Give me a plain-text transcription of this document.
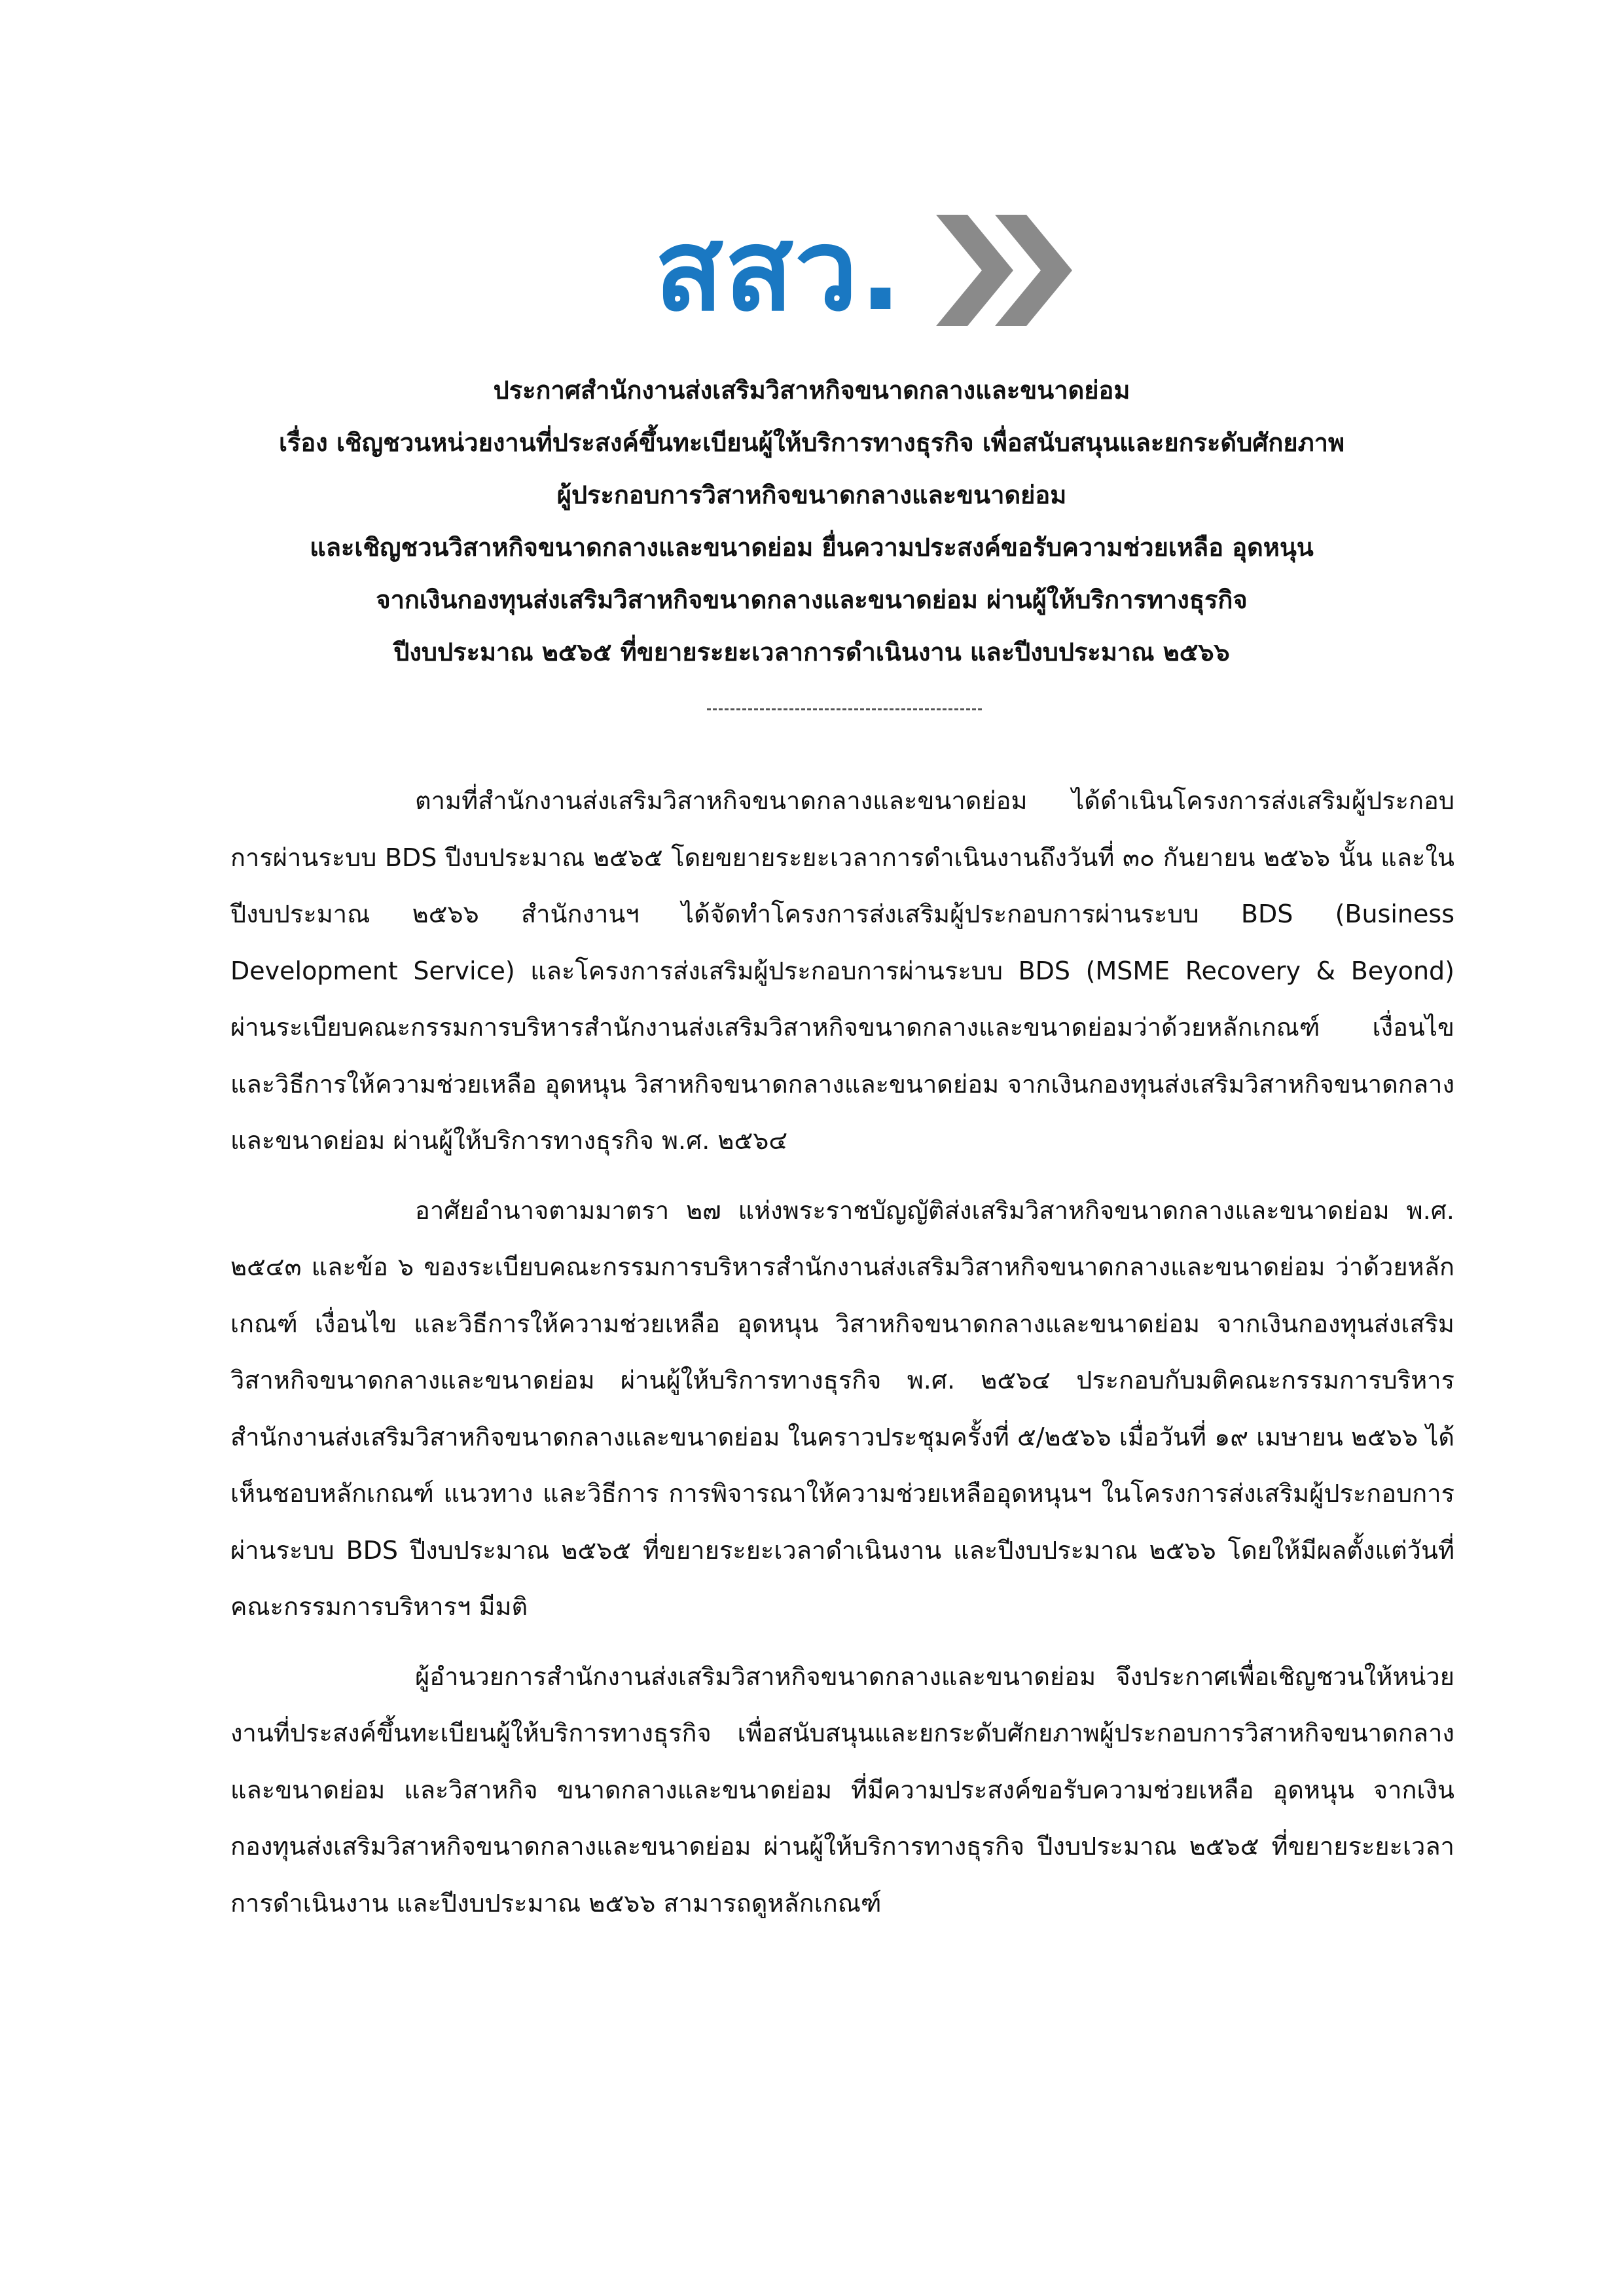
สสว.
ประกาศสำนักงานส่งเสริมวิสาหกิจขนาดกลางและขนาดย่อม
เรื่อง เชิญชวนหน่วยงานที่ประสงค์ขึ้นทะเบียนผู้ให้บริการทางธุรกิจ เพื่อสนับสนุนและยกระดับศักยภาพ
ผู้ประกอบการวิสาหกิจขนาดกลางและขนาดย่อม
และเชิญชวนวิสาหกิจขนาดกลางและขนาดย่อม ยื่นความประสงค์ขอรับความช่วยเหลือ อุดหนุน
จากเงินกองทุนส่งเสริมวิสาหกิจขนาดกลางและขนาดย่อม ผ่านผู้ให้บริการทางธุรกิจ
ปีงบประมาณ ๒๕๖๕ ที่ขยายระยะเวลาการดำเนินงาน และปีงบประมาณ ๒๕๖๖

ตามที่สำนักงานส่งเสริมวิสาหกิจขนาดกลางและขนาดย่อม ได้ดำเนินโครงการส่งเสริมผู้ประกอบการผ่านระบบ BDS ปีงบประมาณ ๒๕๖๕ โดยขยายระยะเวลาการดำเนินงานถึงวันที่ ๓๐ กันยายน ๒๕๖๖ นั้น และในปีงบประมาณ ๒๕๖๖ สำนักงานฯ ได้จัดทำโครงการส่งเสริมผู้ประกอบการผ่านระบบ BDS (Business Development Service) และโครงการส่งเสริมผู้ประกอบการผ่านระบบ BDS (MSME Recovery & Beyond) ผ่านระเบียบคณะกรรมการบริหารสำนักงานส่งเสริมวิสาหกิจขนาดกลางและขนาดย่อมว่าด้วยหลักเกณฑ์ เงื่อนไข และวิธีการให้ความช่วยเหลือ อุดหนุน วิสาหกิจขนาดกลางและขนาดย่อม จากเงินกองทุนส่งเสริมวิสาหกิจขนาดกลางและขนาดย่อม ผ่านผู้ให้บริการทางธุรกิจ พ.ศ. ๒๕๖๔

อาศัยอำนาจตามมาตรา ๒๗ แห่งพระราชบัญญัติส่งเสริมวิสาหกิจขนาดกลางและขนาดย่อม พ.ศ. ๒๕๔๓ และข้อ ๖ ของระเบียบคณะกรรมการบริหารสำนักงานส่งเสริมวิสาหกิจขนาดกลางและขนาดย่อม ว่าด้วยหลักเกณฑ์ เงื่อนไข และวิธีการให้ความช่วยเหลือ อุดหนุน วิสาหกิจขนาดกลางและขนาดย่อม จากเงินกองทุนส่งเสริมวิสาหกิจขนาดกลางและขนาดย่อม ผ่านผู้ให้บริการทางธุรกิจ พ.ศ. ๒๕๖๔ ประกอบกับมติคณะกรรมการบริหารสำนักงานส่งเสริมวิสาหกิจขนาดกลางและขนาดย่อม ในคราวประชุมครั้งที่ ๕/๒๕๖๖ เมื่อวันที่ ๑๙ เมษายน ๒๕๖๖ ได้เห็นชอบหลักเกณฑ์ แนวทาง และวิธีการ การพิจารณาให้ความช่วยเหลืออุดหนุนฯ ในโครงการส่งเสริมผู้ประกอบการผ่านระบบ BDS ปีงบประมาณ ๒๕๖๕ ที่ขยายระยะเวลาดำเนินงาน และปีงบประมาณ ๒๕๖๖ โดยให้มีผลตั้งแต่วันที่คณะกรรมการบริหารฯ มีมติ

ผู้อำนวยการสำนักงานส่งเสริมวิสาหกิจขนาดกลางและขนาดย่อม จึงประกาศเพื่อเชิญชวนให้หน่วยงานที่ประสงค์ขึ้นทะเบียนผู้ให้บริการทางธุรกิจ เพื่อสนับสนุนและยกระดับศักยภาพผู้ประกอบการวิสาหกิจขนาดกลางและขนาดย่อม และวิสาหกิจ ขนาดกลางและขนาดย่อม ที่มีความประสงค์ขอรับความช่วยเหลือ อุดหนุน จากเงินกองทุนส่งเสริมวิสาหกิจขนาดกลางและขนาดย่อม ผ่านผู้ให้บริการทางธุรกิจ ปีงบประมาณ ๒๕๖๕ ที่ขยายระยะเวลาการดำเนินงาน และปีงบประมาณ ๒๕๖๖ สามารถดูหลักเกณฑ์
